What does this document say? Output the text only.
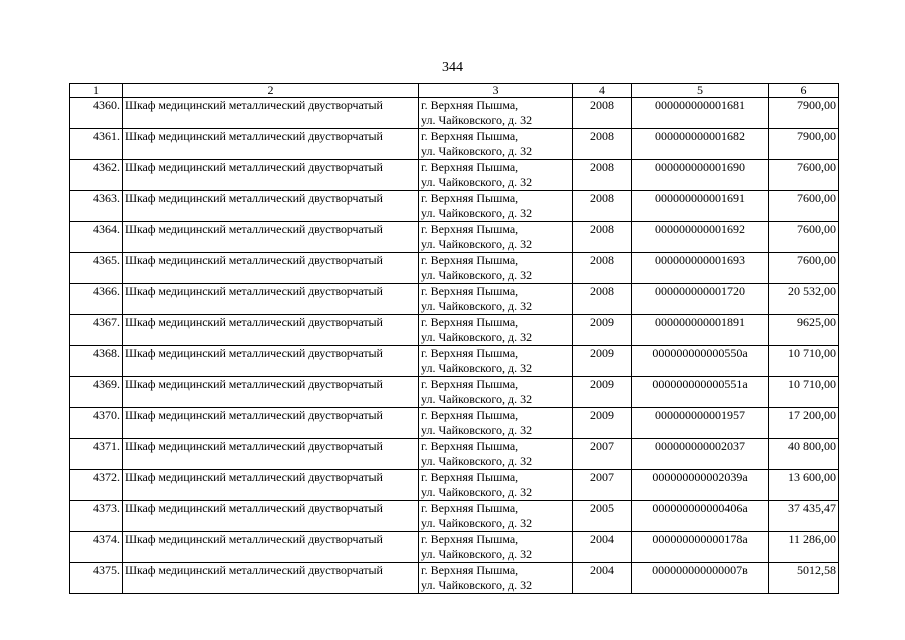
344
1	2	3	4	5	6
4360.	Шкаф медицинский металлический двустворчатый	г. Верхняя Пышма,
ул. Чайковского, д. 32	2008	000000000001681	7900,00
4361.	Шкаф медицинский металлический двустворчатый	г. Верхняя Пышма,
ул. Чайковского, д. 32	2008	000000000001682	7900,00
4362.	Шкаф медицинский металлический двустворчатый	г. Верхняя Пышма,
ул. Чайковского, д. 32	2008	000000000001690	7600,00
4363.	Шкаф медицинский металлический двустворчатый	г. Верхняя Пышма,
ул. Чайковского, д. 32	2008	000000000001691	7600,00
4364.	Шкаф медицинский металлический двустворчатый	г. Верхняя Пышма,
ул. Чайковского, д. 32	2008	000000000001692	7600,00
4365.	Шкаф медицинский металлический двустворчатый	г. Верхняя Пышма,
ул. Чайковского, д. 32	2008	000000000001693	7600,00
4366.	Шкаф медицинский металлический двустворчатый	г. Верхняя Пышма,
ул. Чайковского, д. 32	2008	000000000001720	20 532,00
4367.	Шкаф медицинский металлический двустворчатый	г. Верхняя Пышма,
ул. Чайковского, д. 32	2009	000000000001891	9625,00
4368.	Шкаф медицинский металлический двустворчатый	г. Верхняя Пышма,
ул. Чайковского, д. 32	2009	000000000000550а	10 710,00
4369.	Шкаф медицинский металлический двустворчатый	г. Верхняя Пышма,
ул. Чайковского, д. 32	2009	000000000000551а	10 710,00
4370.	Шкаф медицинский металлический двустворчатый	г. Верхняя Пышма,
ул. Чайковского, д. 32	2009	000000000001957	17 200,00
4371.	Шкаф медицинский металлический двустворчатый	г. Верхняя Пышма,
ул. Чайковского, д. 32	2007	000000000002037	40 800,00
4372.	Шкаф медицинский металлический двустворчатый	г. Верхняя Пышма,
ул. Чайковского, д. 32	2007	000000000002039а	13 600,00
4373.	Шкаф медицинский металлический двустворчатый	г. Верхняя Пышма,
ул. Чайковского, д. 32	2005	000000000000406а	37 435,47
4374.	Шкаф медицинский металлический двустворчатый	г. Верхняя Пышма,
ул. Чайковского, д. 32	2004	000000000000178а	11 286,00
4375.	Шкаф медицинский металлический двустворчатый	г. Верхняя Пышма,
ул. Чайковского, д. 32	2004	000000000000007в	5012,58
